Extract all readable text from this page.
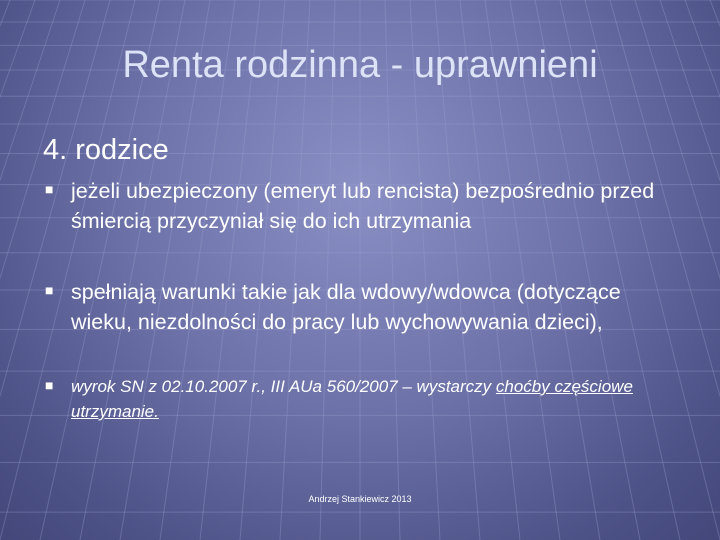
Renta rodzinna - uprawnieni
4. rodzice
■ jeżeli ubezpieczony (emeryt lub rencista) bezpośrednio przed śmiercią przyczyniał się do ich utrzymania
■ spełniają warunki takie jak dla wdowy/wdowca (dotyczące wieku, niezdolności do pracy lub wychowywania dzieci),
■ wyrok SN z 02.10.2007 r., III AUa 560/2007 – wystarczy choćby częściowe utrzymanie.
Andrzej Stankiewicz 2013
